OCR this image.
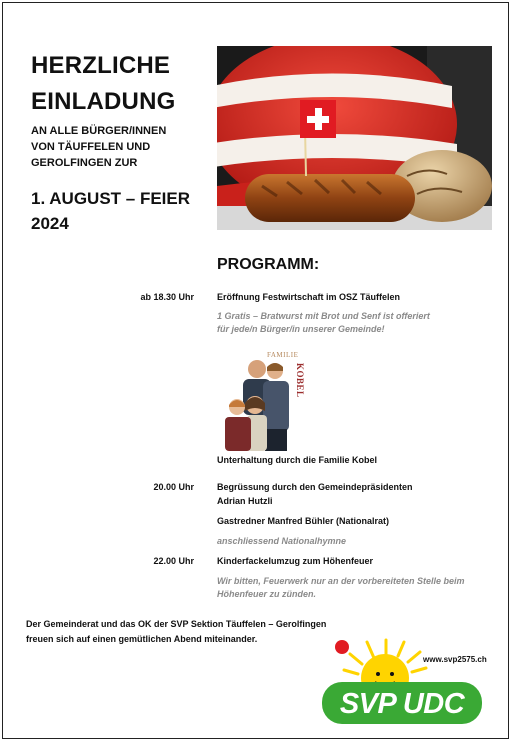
HERZLICHE
EINLADUNG
AN ALLE BÜRGER/INNEN
VON TÄUFFELEN UND
GEROLFINGEN ZUR
1. AUGUST – FEIER
2024
PROGRAMM:
ab 18.30 Uhr	Eröffnung Festwirtschaft im OSZ Täuffelen
1 Gratis – Bratwurst mit Brot und Senf ist offeriert
für jede/n Bürger/in unserer Gemeinde!
FAMILIE
KOBEL
Unterhaltung durch die Familie Kobel
20.00 Uhr	Begrüssung durch den Gemeindepräsidenten
Adrian Hutzli
Gastredner Manfred Bühler (Nationalrat)
anschliessend Nationalhymne
22.00 Uhr	Kinderfackelumzug zum Höhenfeuer
Wir bitten, Feuerwerk nur an der vorbereiteten Stelle beim
Höhenfeuer zu zünden.
Der Gemeinderat und das OK der SVP Sektion Täuffelen – Gerolfingen
freuen sich auf einen gemütlichen Abend miteinander.
www.svp2575.ch
SVP UDC
